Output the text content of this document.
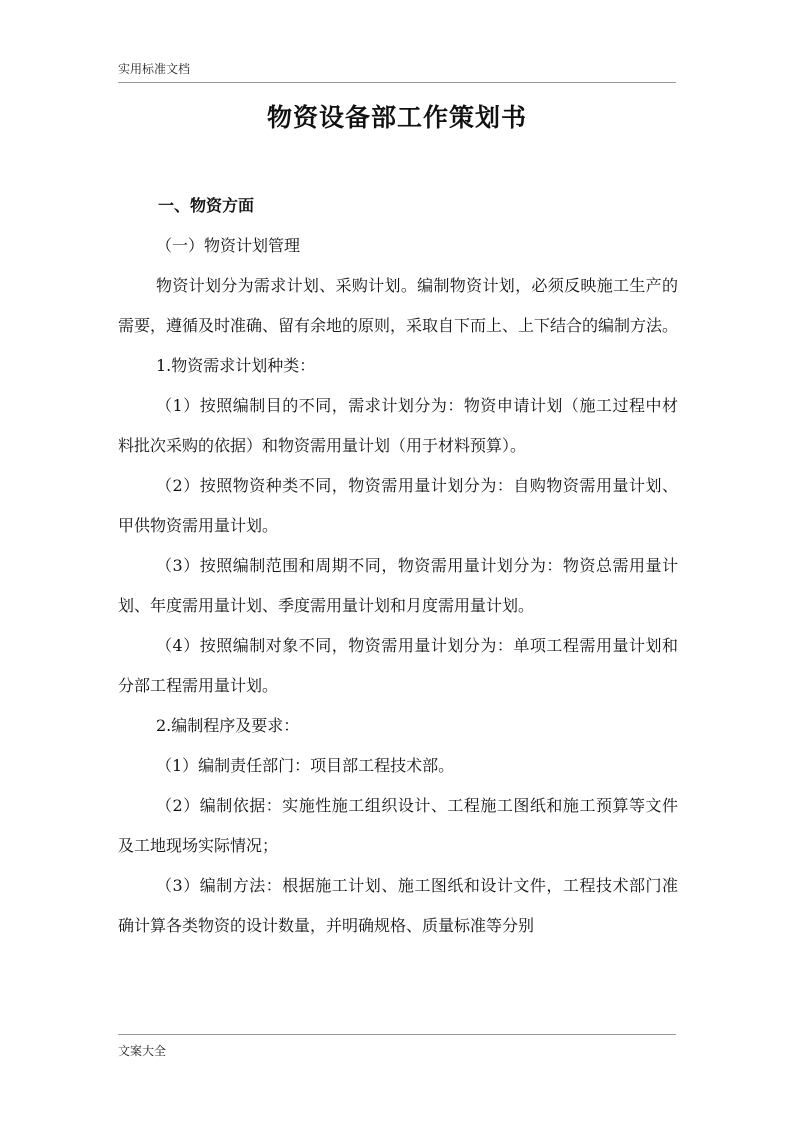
实用标准文档
物资设备部工作策划书

一、物资方面

（一）物资计划管理

物资计划分为需求计划、采购计划。编制物资计划，必须反映施工生产的需要，遵循及时准确、留有余地的原则，采取自下而上、上下结合的编制方法。

1.物资需求计划种类：

（1）按照编制目的不同，需求计划分为：物资申请计划（施工过程中材料批次采购的依据）和物资需用量计划（用于材料预算）。

（2）按照物资种类不同，物资需用量计划分为：自购物资需用量计划、甲供物资需用量计划。

（3）按照编制范围和周期不同，物资需用量计划分为：物资总需用量计划、年度需用量计划、季度需用量计划和月度需用量计划。

（4）按照编制对象不同，物资需用量计划分为：单项工程需用量计划和分部工程需用量计划。

2.编制程序及要求：

（1）编制责任部门：项目部工程技术部。

（2）编制依据：实施性施工组织设计、工程施工图纸和施工预算等文件及工地现场实际情况；

（3）编制方法：根据施工计划、施工图纸和设计文件，工程技术部门准确计算各类物资的设计数量，并明确规格、质量标准等分别

文案大全
